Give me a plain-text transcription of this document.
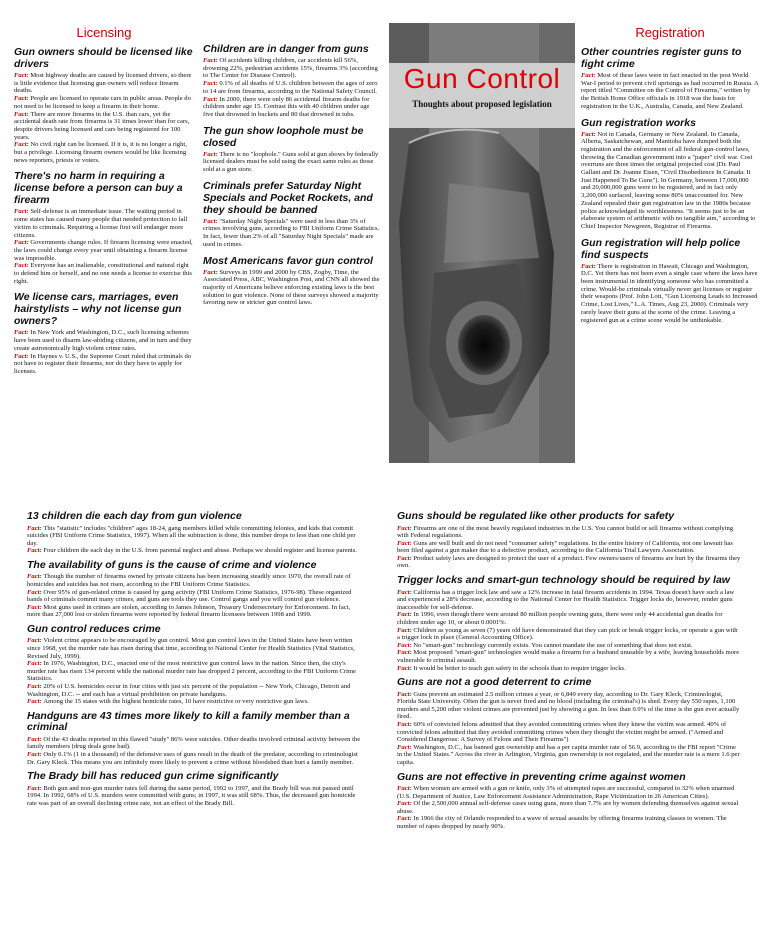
Licensing
Gun owners should be licensed like drivers
Fact: Most highway deaths are caused by licensed drivers, so there is little evidence that licensing gun owners will reduce firearm deaths.
Fact: People are licensed to operate cars in public areas. People do not need to be licensed to keep a firearm in their home.
Fact: There are more firearms in the U.S. than cars, yet the accidental death rate from firearms is 31 times lower than for cars, despite drivers being licensed and cars being registered for 100 years.
Fact: No civil right can be licensed. If it is, it is no longer a right, but a privilege. Licensing firearm owners would be like licensing news reporters, priests or voters.
There's no harm in requiring a license before a person can buy a firearm
Fact: Self-defense is an immediate issue. The waiting period in some states has caused many people that needed protection to fall victim to criminals. Requiring a license first will endanger more citizens.
Fact: Governments change rules. If firearm licensing were enacted, the laws could change every year until obtaining a firearm license was impossible.
Fact: Everyone has an inalienable, constitutional and natural right to defend him or herself, and no one needs a license to exercise this right.
We license cars, marriages, even hairstylists – why not license gun owners?
Fact: In New York and Washington, D.C., such licensing schemes have been used to disarm law-abiding citizens, and in turn and they create astronomically high violent crime rates.
Fact: In Haynes v. U.S., the Supreme Court ruled that criminals do not have to register their firearms, nor do they have to apply for licenses.
Children are in danger from guns
Fact: Of accidents killing children, car accidents kill 56%, drowning 22%, pedestrian accidents 15%, firearms 3% (according to The Center for Disease Control).
Fact: 0.1% of all deaths of U.S. children between the ages of zero to 14 are from firearms, according to the National Safety Council.
Fact: In 2000, there were only 86 accidental firearm deaths for children under age 15. Contrast this with 40 children under age five that drowned in buckets and 80 that drowned in tubs.
The gun show loophole must be closed
Fact: There is no "loophole." Guns sold at gun shows by federally licensed dealers must be sold using the exact same rules as those sold at a gun store.
Criminals prefer Saturday Night Specials and Pocket Rockets, and they should be banned
Fact: "Saturday Night Specials" were used in less than 3% of crimes involving guns, according to FBI Uniform Crime Statistics. In fact, fewer than 2% of all "Saturday Night Specials" made are used in crimes.
Most Americans favor gun control
Fact: Surveys in 1999 and 2000 by CBS, Zogby, Time, the Associated Press, ABC, Washington Post, and CNN all showed the majority of Americans believe enforcing existing laws is the best solution to gun violence. None of these surveys showed a majority favoring new or stricter gun control laws.
Gun Control
Thoughts about proposed legislation
Registration
Other countries register guns to fight crime
Fact: Most of these laws were in fact enacted in the post World War-I period to prevent civil uprisings as had occurred in Russia. A report titled "Committee on the Control of Firearms," written by the British Home Office officials in 1918 was the basis for registration in the U.K., Australia, Canada, and New Zealand.
Gun registration works
Fact: Not in Canada, Germany or New Zealand. In Canada, Alberta, Saskatchewan, and Manitoba have dumped both the registration and the enforcement of all federal gun-control laws, throwing the Canadian government into a "paper" civil war. Cost overruns are three times the original projected cost (Dr. Paul Gallant and Dr. Joanne Eisen, "Civil Disobedience In Canada: It Just Happened To Be Guns"). In Germany, between 17,000,000 and 20,000,000 guns were to be registered, and in fact only 3,200,000 surfaced, leaving some 80% unaccounted for. New Zealand repealed their gun registration law in the 1980s because police acknowledged its worthlessness. "It seems just to be an elaborate system of arithmetic with no tangible aim," according to Chief Inspector Newgreen, Registrar of Firearms.
Gun registration will help police find suspects
Fact: There is registration in Hawaii, Chicago and Washington, D.C. Yet there has not been even a single case where the laws have been instrumental in identifying someone who has committed a crime. Would-be criminals virtually never get licenses or register their weapons (Prof. John Lott, "Gun Licensing Leads to Increased Crime, Lost Lives," L.A. Times, Aug 23, 2000). Criminals very rarely leave their guns at the scene of the crime. Leaving a registered gun at a crime scene would be unthinkable.
13 children die each day from gun violence
Fact: This "statistic" includes "children" ages 18-24, gang members killed while committing felonies, and kids that commit suicides (FBI Uniform Crime Statistics, 1997). When all the subtraction is done, this number drops to less than one child per day.
Fact: Four children die each day in the U.S. from parental neglect and abuse. Perhaps we should register and license parents.
The availability of guns is the cause of crime and violence
Fact: Though the number of firearms owned by private citizens has been increasing steadily since 1970, the overall rate of homicides and suicides has not risen, according to the FBI Uniform Crime Statistics.
Fact: Over 95% of gun-related crime is caused by gang activity (FBI Uniform Crime Statistics, 1976-98). These organized bands of criminals commit many crimes, and guns are tools they use. Control gangs and you will control gun violence.
Fact: Most guns used in crimes are stolen, according to James Johnson, Treasury Undersecretary for Enforcement. In fact, more than 27,000 lost or stolen firearms were reported by federal firearm licensees between 1998 and 1999.
Gun control reduces crime
Fact: Violent crime appears to be encouraged by gun control. Most gun control laws in the United States have been written since 1968, yet the murder rate has risen during that time, according to National Center for Health Statistics (Vital Statistics, Revised July, 1999).
Fact: In 1976, Washington, D.C., enacted one of the most restrictive gun control laws in the nation. Since then, the city's murder rate has risen 134 percent while the national murder rate has dropped 2 percent, according to the FBI Uniform Crime Statistics.
Fact: 20% of U.S. homicides occur in four cities with just six percent of the population -- New York, Chicago, Detroit and Washington, D.C. -- and each has a virtual prohibition on private handguns.
Fact: Among the 15 states with the highest homicide rates, 10 have restrictive or very restrictive gun laws.
Handguns are 43 times more likely to kill a family member than a criminal
Fact: Of the 43 deaths reported in this flawed "study" 86% were suicides. Other deaths involved criminal activity between the family members (drug deals gone bad).
Fact: Only 0.1% (1 in a thousand) of the defensive uses of guns result in the death of the predator, according to criminologist Dr. Gary Kleck. This means you are infinitely more likely to prevent a crime without bloodshed than hurt a family member.
The Brady bill has reduced gun crime significantly
Fact: Both gun and non-gun murder rates fell during the same period, 1992 to 1997, and the Brady bill was not passed until 1994. In 1992, 68% of U.S. murders were committed with guns; in 1997, it was still 68%. Thus, the decreased gun homicide rate was part of an overall declining crime rate, not an effect of the Brady Bill.
Guns should be regulated like other products for safety
Fact: Firearms are one of the most heavily regulated industries in the U.S. You cannot build or sell firearms without complying with Federal regulations.
Fact: Guns are well built and do not need "consumer safety" regulations. In the entire history of California, not one lawsuit has been filed against a gun maker due to a defective product, according to the California Trial Lawyers Association.
Fact: Product safety laws are designed to protect the user of a product. Few owners/users of firearms are hurt by the firearms they own.
Trigger locks and smart-gun technology should be required by law
Fact: California has a trigger lock law and saw a 12% increase in fatal firearm accidents in 1994. Texas doesn't have such a law and experienced a 28% decrease, according to the National Center for Health Statistics. Trigger locks do, however, render guns inaccessible for self-defense.
Fact: In 1996, even though there were around 80 million people owning guns, there were only 44 accidental gun deaths for children under age 10, or about 0.0001%.
Fact: Children as young as seven (7) years old have demonstrated that they can pick or break trigger locks, or operate a gun with a trigger lock in place (General Accounting Office).
Fact: No "smart-gun" technology currently exists. You cannot mandate the use of something that does not exist.
Fact: Most proposed "smart-gun" technologies would make a firearm for a husband unusable by a wife, leaving households more vulnerable to criminal assault.
Fact: It would be better to teach gun safety in the schools than to require trigger locks.
Guns are not a good deterrent to crime
Fact: Guns prevent an estimated 2.5 million crimes a year, or 6,849 every day, according to Dr. Gary Kleck, Criminologist, Florida State University. Often the gun is never fired and no blood (including the criminal's) is shed. Every day 550 rapes, 1,100 murders and 5,200 other violent crimes are prevented just by showing a gun. In less than 0.9% of the time is the gun ever actually fired.
Fact: 60% of convicted felons admitted that they avoided committing crimes when they knew the victim was armed. 40% of convicted felons admitted that they avoided committing crimes when they thought the victim might be armed. ("Armed and Considered Dangerous: A Survey of Felons and Their Firearms")
Fact: Washington, D.C., has banned gun ownership and has a per capita murder rate of 56.9, according to the FBI report "Crime in the United States." Across the river in Arlington, Virginia, gun ownership is not regulated, and the murder rate is a mere 1.6 per capita.
Guns are not effective in preventing crime against women
Fact: When women are armed with a gun or knife, only 3% of attempted rapes are successful, compared to 32% when unarmed (U.S. Department of Justice, Law Enforcement Assistance Administration, Rape Victimization in 26 American Cities).
Fact: Of the 2,500,000 annual self-defense cases using guns, more than 7.7% are by women defending themselves against sexual abuse.
Fact: In 1966 the city of Orlando responded to a wave of sexual assaults by offering firearms training classes to women. The number of rapes dropped by nearly 90%.
